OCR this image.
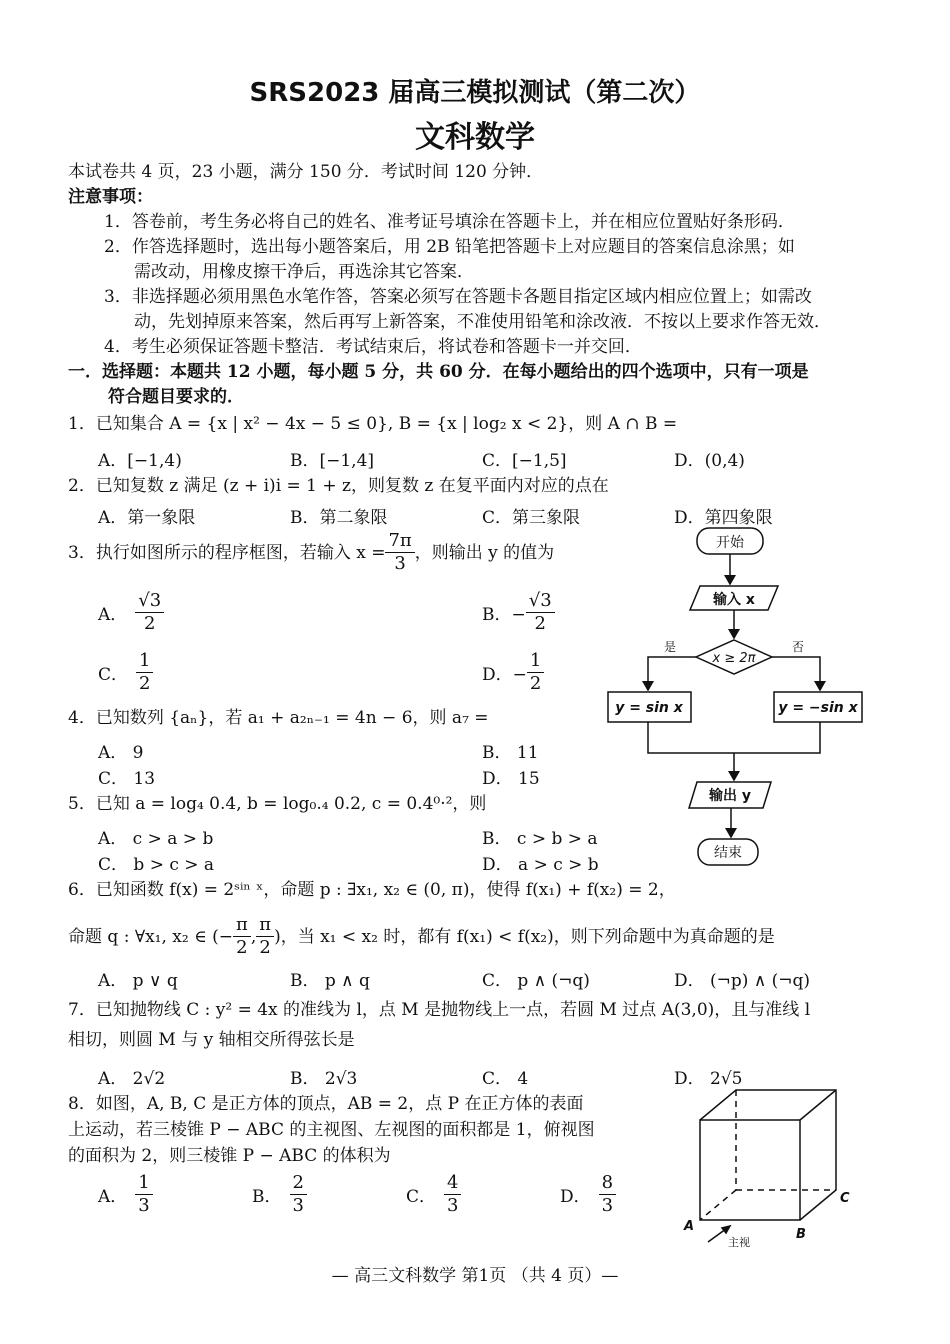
SRS2023 届高三模拟测试（第二次）
文科数学
本试卷共 4 页，23 小题，满分 150 分．考试时间 120 分钟．
注意事项：
1．答卷前，考生务必将自己的姓名、准考证号填涂在答题卡上，并在相应位置贴好条形码．
2．作答选择题时，选出每小题答案后，用 2B 铅笔把答题卡上对应题目的答案信息涂黑；如
需改动，用橡皮擦干净后，再选涂其它答案．
3．非选择题必须用黑色水笔作答，答案必须写在答题卡各题目指定区域内相应位置上；如需改
动，先划掉原来答案，然后再写上新答案，不准使用铅笔和涂改液．不按以上要求作答无效．
4．考生必须保证答题卡整洁．考试结束后，将试卷和答题卡一并交回．
一．选择题：本题共 12 小题，每小题 5 分，共 60 分．在每小题给出的四个选项中，只有一项是
符合题目要求的．
1．已知集合 A = {x | x² − 4x − 5 ≤ 0}, B = {x | log₂ x < 2}，则 A ∩ B =
A．[−1,4)	B．[−1,4]	C．[−1,5]	D．(0,4)
2．已知复数 z 满足 (z + i)i = 1 + z，则复数 z 在复平面内对应的点在
A．第一象限	B．第二象限	C．第三象限	D．第四象限
3．执行如图所示的程序框图，若输入 $x = \frac{7\pi}{3}$ ，则输出 y 的值为
A． $\frac{√3}{2}$	B．− $\frac{√3}{2}$
C． $\frac{1}{2}$	D．− $\frac{1}{2}$
4．已知数列 {aₙ}，若 a₁ + a₂ₙ₋₁ = 4n − 6，则 a₇ =
A． 9	B． 11
C． 13	D． 15
5．已知 a = log₄ 0.4, b = log₀.₄ 0.2, c = 0.4⁰·²，则
A． c > a > b	B． c > b > a
C． b > c > a	D． a > c > b
6．已知函数 f(x) = 2ˢⁱⁿ ˣ，命题 p : ∃x₁, x₂ ∈ (0, π)，使得 f(x₁) + f(x₂) = 2，
命题 q : ∀x₁, x₂ ∈ (− $\frac{\pi}{2}$ , $\frac{\pi}{2}$ )，当 x₁ < x₂ 时，都有 f(x₁) < f(x₂)，则下列命题中为真命题的是
A． p ∨ q	B． p ∧ q	C． p ∧ (¬q)	D． (¬p) ∧ (¬q)
7．已知抛物线 C : y² = 4x 的准线为 l，点 M 是抛物线上一点，若圆 M 过点 A(3,0)，且与准线 l
相切，则圆 M 与 y 轴相交所得弦长是
A． 2√2	B． 2√3	C． 4	D． 2√5
8．如图，A, B, C 是正方体的顶点，AB = 2，点 P 在正方体的表面
上运动，若三棱锥 P − ABC 的主视图、左视图的面积都是 1，俯视图
的面积为 2，则三棱锥 P − ABC 的体积为
A． $\frac{1}{3}$	B． $\frac{2}{3}$	C． $\frac{4}{3}$	D． $\frac{8}{3}$
开始
输入 x
x ≥ 2π
是	否
y = sin x	y = −sin x
输出 y
结束
A
B
C
主视
— 高三文科数学 第1页 （共 4 页）—
